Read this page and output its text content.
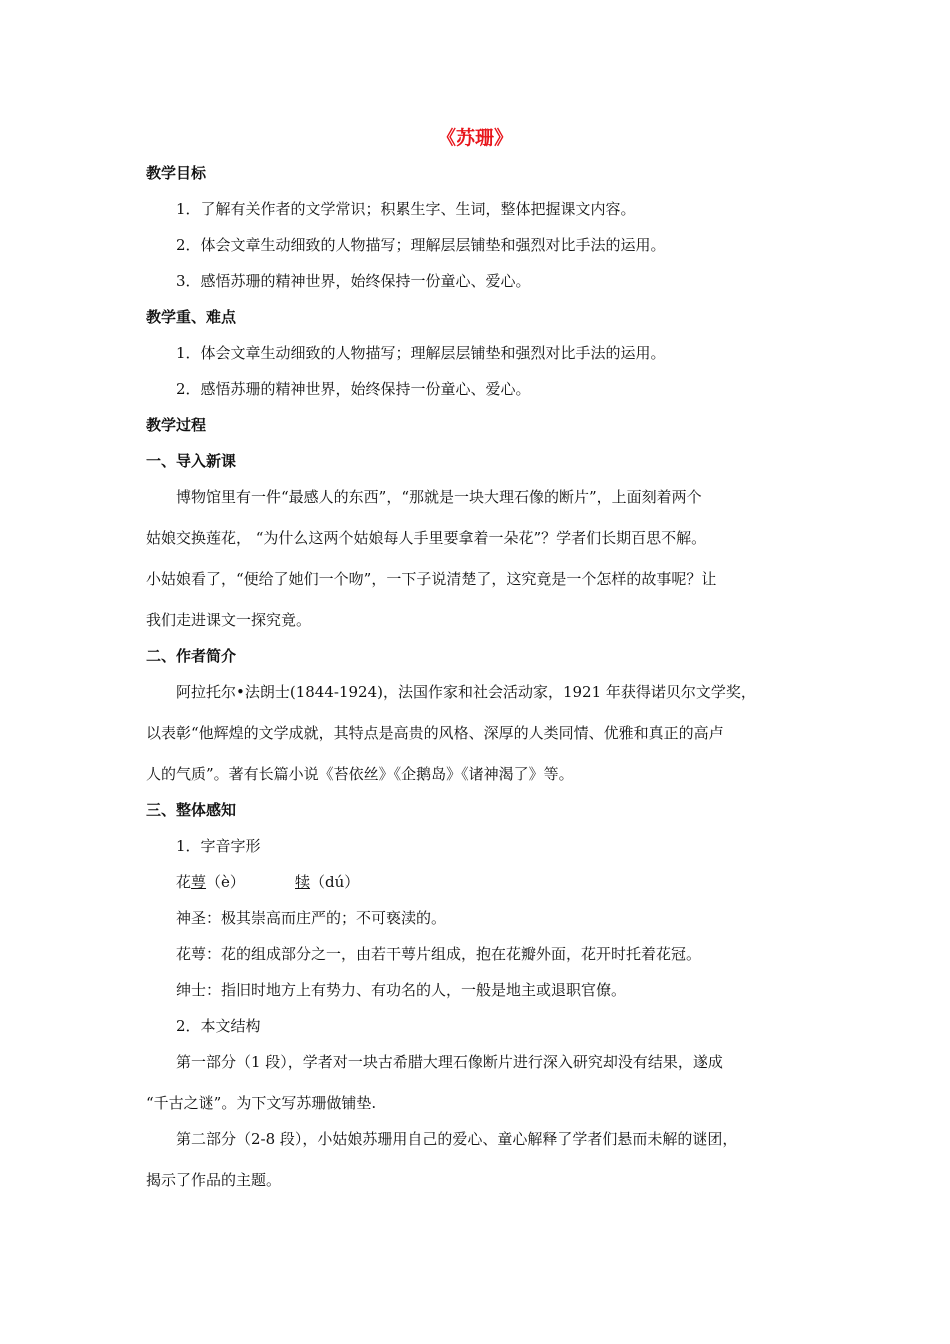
《苏珊》
教学目标
1．了解有关作者的文学常识；积累生字、生词，整体把握课文内容。
2．体会文章生动细致的人物描写；理解层层铺垫和强烈对比手法的运用。
3．感悟苏珊的精神世界，始终保持一份童心、爱心。
教学重、难点
1．体会文章生动细致的人物描写；理解层层铺垫和强烈对比手法的运用。
2．感悟苏珊的精神世界，始终保持一份童心、爱心。
教学过程
一、导入新课
博物馆里有一件“最感人的东西”，“那就是一块大理石像的断片”，上面刻着两个
姑娘交换莲花， “为什么这两个姑娘每人手里要拿着一朵花”？学者们长期百思不解。
小姑娘看了，“便给了她们一个吻”，一下子说清楚了，这究竟是一个怎样的故事呢？让
我们走进课文一探究竟。
二、作者简介
阿拉托尔•法朗士(1844-1924)，法国作家和社会活动家，1921 年获得诺贝尔文学奖，
以表彰“他辉煌的文学成就，其特点是高贵的风格、深厚的人类同情、优雅和真正的高卢
人的气质”。著有长篇小说《苔依丝》《企鹅岛》《诸神渴了》等。
三、整体感知
1．字音字形
花萼（è）	犊（dú）
神圣：极其崇高而庄严的；不可亵渎的。
花萼：花的组成部分之一，由若干萼片组成，抱在花瓣外面，花开时托着花冠。
绅士：指旧时地方上有势力、有功名的人，一般是地主或退职官僚。
2．本文结构
第一部分（1 段），学者对一块古希腊大理石像断片进行深入研究却没有结果，遂成
“千古之谜”。为下文写苏珊做铺垫.
第二部分（2-8 段），小姑娘苏珊用自己的爱心、童心解释了学者们悬而未解的谜团，
揭示了作品的主题。
